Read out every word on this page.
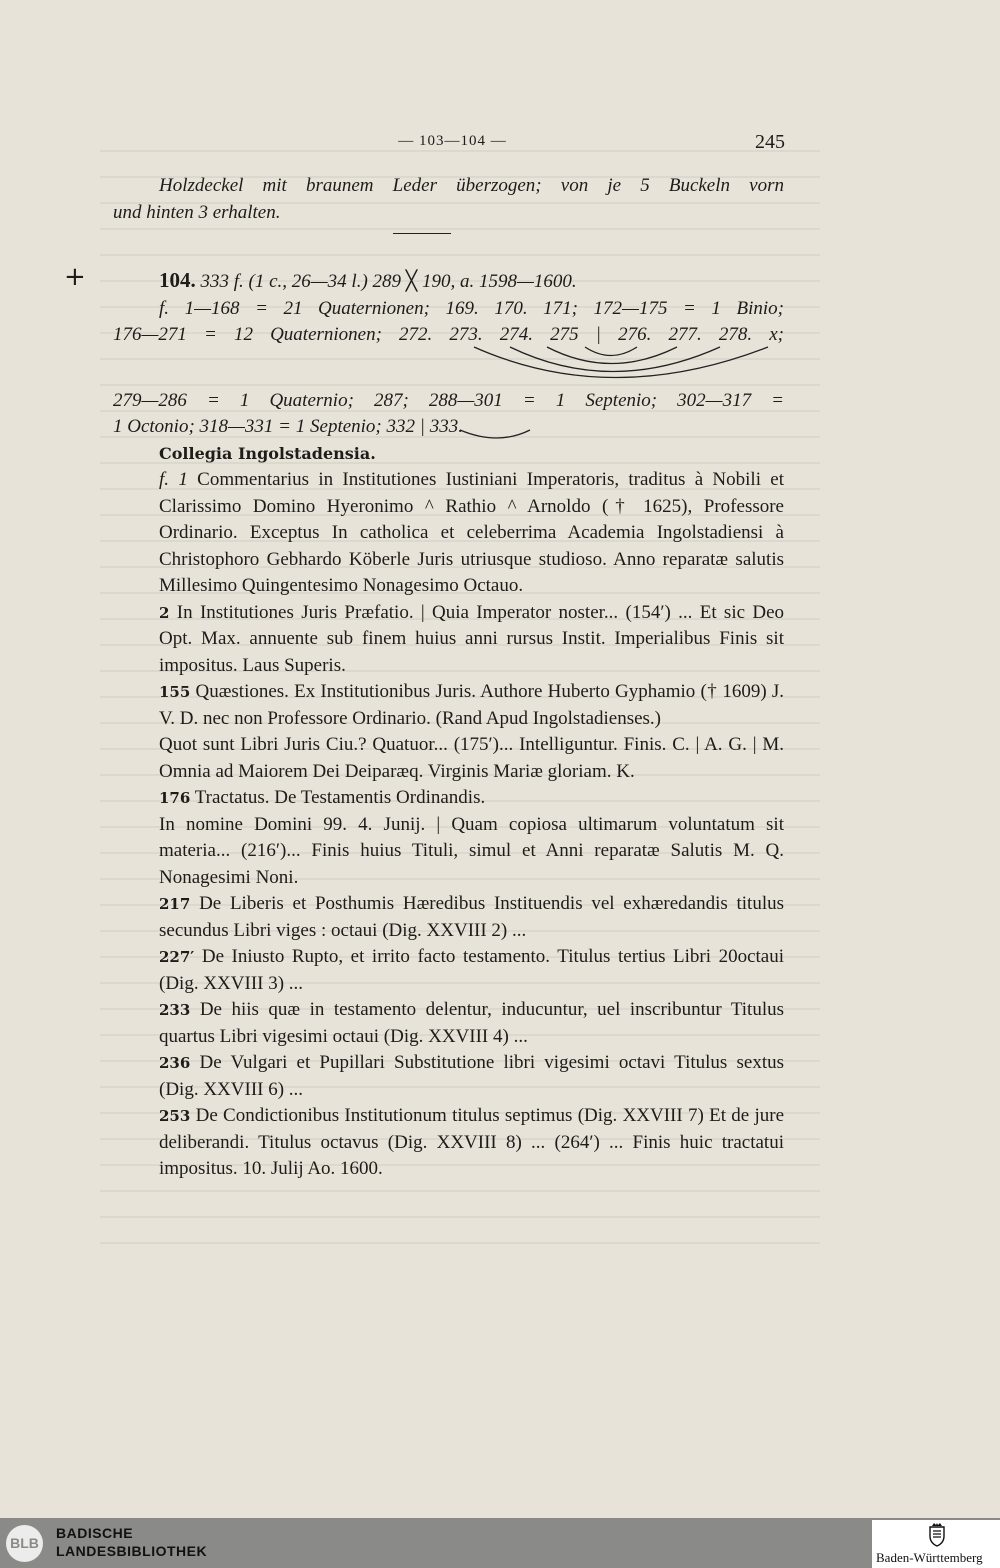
— 103—104 —	245

Holzdeckel mit braunem Leder überzogen; von je 5 Buckeln vorn

und hinten 3 erhalten.

+	104. 333 f. (1 c., 26—34 l.) 289 ╳ 190, a. 1598—1600.

f. 1—168 = 21 Quaternionen; 169. 170. 171; 172—175 = 1 Binio;

176—271 = 12 Quaternionen; 272. 273. 274. 275 | 276. 277. 278. x;

279—286 = 1 Quaternio; 287; 288—301 = 1 Septenio; 302—317 =

1 Octonio; 318—331 = 1 Septenio; 332 | 333.

Collegia Ingolstadensia.

f. 1 Commentarius in Institutiones Iustiniani Imperatoris, traditus à Nobili et Clarissimo Domino Hyeronimo ^ Rathio ^ Arnoldo († 1625), Professore Ordinario. Exceptus In catholica et celeberrima Academia Ingolstadiensi à Christophoro Gebhardo Köberle Juris utriusque studioso. Anno reparatæ salutis Millesimo Quingentesimo Nonagesimo Octauo.

2 In Institutiones Juris Præfatio. | Quia Imperator noster... (154′) ... Et sic Deo Opt. Max. annuente sub finem huius anni rursus Instit. Imperialibus Finis sit impositus. Laus Superis.

155 Quæstiones. Ex Institutionibus Juris. Authore Huberto Gyphamio († 1609) J. V. D. nec non Professore Ordinario. (Rand Apud Ingolstadienses.)

Quot sunt Libri Juris Ciu.? Quatuor... (175′)... Intelliguntur. Finis. C. | A. G. | M. Omnia ad Maiorem Dei Deiparæq. Virginis Mariæ gloriam. K.

176 Tractatus. De Testamentis Ordinandis.

In nomine Domini 99. 4. Junij. | Quam copiosa ultimarum voluntatum sit materia... (216′)... Finis huius Tituli, simul et Anni reparatæ Salutis M. Q. Nonagesimi Noni.

217 De Liberis et Posthumis Hæredibus Instituendis vel exhæredandis titulus secundus Libri viges : octaui (Dig. XXVIII 2) ...

227′ De Iniusto Rupto, et irrito facto testamento. Titulus tertius Libri 20octaui (Dig. XXVIII 3) ...

233 De hiis quæ in testamento delentur, inducuntur, uel inscribuntur Titulus quartus Libri vigesimi octaui (Dig. XXVIII 4) ...

236 De Vulgari et Pupillari Substitutione libri vigesimi octavi Titulus sextus (Dig. XXVIII 6) ...

253 De Condictionibus Institutionum titulus septimus (Dig. XXVIII 7) Et de jure deliberandi. Titulus octavus (Dig. XXVIII 8) ... (264′) ... Finis huic tractatui impositus. 10. Julij Ao. 1600.

BLB
BADISCHE
LANDESBIBLIOTHEK	Baden-Württemberg
